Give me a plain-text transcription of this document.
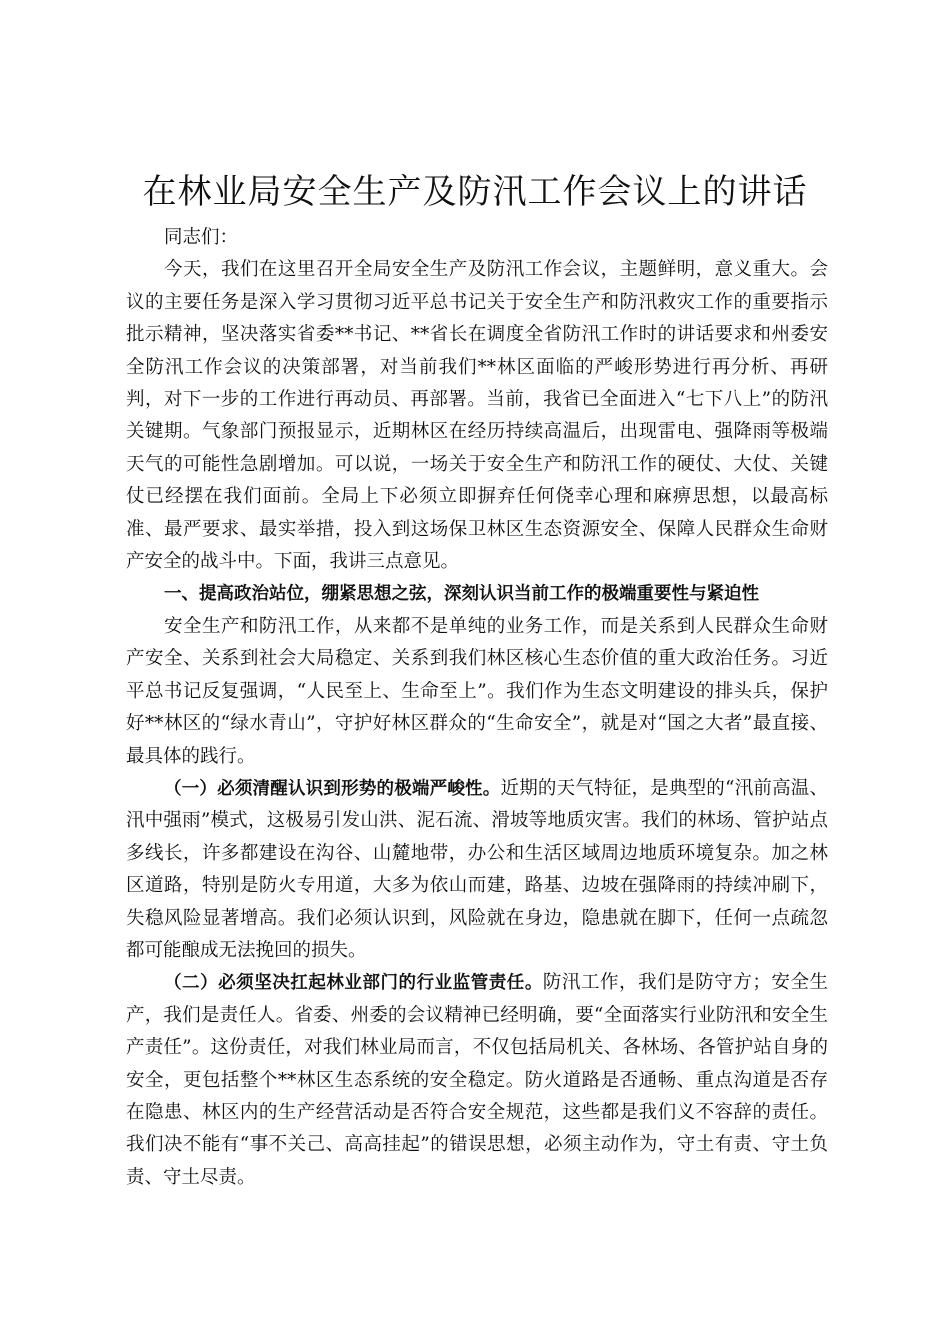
在林业局安全生产及防汛工作会议上的讲话

同志们：

今天，我们在这里召开全局安全生产及防汛工作会议，主题鲜明，意义重大。会议的主要任务是深入学习贯彻习近平总书记关于安全生产和防汛救灾工作的重要指示批示精神，坚决落实省委**书记、**省长在调度全省防汛工作时的讲话要求和州委安全防汛工作会议的决策部署，对当前我们**林区面临的严峻形势进行再分析、再研判，对下一步的工作进行再动员、再部署。当前，我省已全面进入“七下八上”的防汛关键期。气象部门预报显示，近期林区在经历持续高温后，出现雷电、强降雨等极端天气的可能性急剧增加。可以说，一场关于安全生产和防汛工作的硬仗、大仗、关键仗已经摆在我们面前。全局上下必须立即摒弃任何侥幸心理和麻痹思想，以最高标准、最严要求、最实举措，投入到这场保卫林区生态资源安全、保障人民群众生命财产安全的战斗中。下面，我讲三点意见。

一、提高政治站位，绷紧思想之弦，深刻认识当前工作的极端重要性与紧迫性

安全生产和防汛工作，从来都不是单纯的业务工作，而是关系到人民群众生命财产安全、关系到社会大局稳定、关系到我们林区核心生态价值的重大政治任务。习近平总书记反复强调，“人民至上、生命至上”。我们作为生态文明建设的排头兵，保护好**林区的“绿水青山”，守护好林区群众的“生命安全”，就是对“国之大者”最直接、最具体的践行。

（一）必须清醒认识到形势的极端严峻性。近期的天气特征，是典型的“汛前高温、汛中强雨”模式，这极易引发山洪、泥石流、滑坡等地质灾害。我们的林场、管护站点多线长，许多都建设在沟谷、山麓地带，办公和生活区域周边地质环境复杂。加之林区道路，特别是防火专用道，大多为依山而建，路基、边坡在强降雨的持续冲刷下，失稳风险显著增高。我们必须认识到，风险就在身边，隐患就在脚下，任何一点疏忽都可能酿成无法挽回的损失。

（二）必须坚决扛起林业部门的行业监管责任。防汛工作，我们是防守方；安全生产，我们是责任人。省委、州委的会议精神已经明确，要“全面落实行业防汛和安全生产责任”。这份责任，对我们林业局而言，不仅包括局机关、各林场、各管护站自身的安全，更包括整个**林区生态系统的安全稳定。防火道路是否通畅、重点沟道是否存在隐患、林区内的生产经营活动是否符合安全规范，这些都是我们义不容辞的责任。我们决不能有“事不关己、高高挂起”的错误思想，必须主动作为，守土有责、守土负责、守土尽责。
